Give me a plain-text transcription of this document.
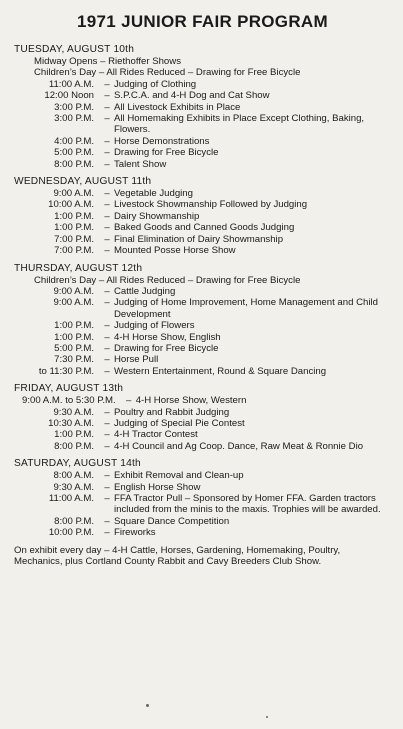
1971 JUNIOR FAIR PROGRAM
TUESDAY, AUGUST 10th
Midway Opens – Riethoffer Shows
Children’s Day – All Rides Reduced – Drawing for Free Bicycle
11:00 A.M.	– Judging of Clothing
12:00 Noon	– S.P.C.A. and 4-H Dog and Cat Show
3:00 P.M.	– All Livestock Exhibits in Place
3:00 P.M.	– All Homemaking Exhibits in Place Except Clothing, Baking, Flowers.
4:00 P.M.	– Horse Demonstrations
5:00 P.M.	– Drawing for Free Bicycle
8:00 P.M.	– Talent Show
WEDNESDAY, AUGUST 11th
9:00 A.M.	– Vegetable Judging
10:00 A.M.	– Livestock Showmanship Followed by Judging
1:00 P.M.	– Dairy Showmanship
1:00 P.M.	– Baked Goods and Canned Goods Judging
7:00 P.M.	– Final Elimination of Dairy Showmanship
7:00 P.M.	– Mounted Posse Horse Show
THURSDAY, AUGUST 12th
Children’s Day – All Rides Reduced – Drawing for Free Bicycle
9:00 A.M.	– Cattle Judging
9:00 A.M.	– Judging of Home Improvement, Home Management and Child Development
1:00 P.M.	– Judging of Flowers
1:00 P.M.	– 4-H Horse Show, English
5:00 P.M.	– Drawing for Free Bicycle
7:30 P.M.	– Horse Pull
to 11:30 P.M.	– Western Entertainment, Round & Square Dancing
FRIDAY, AUGUST 13th
9:00 A.M. to 5:30 P.M.	– 4-H Horse Show, Western
9:30 A.M.	– Poultry and Rabbit Judging
10:30 A.M.	– Judging of Special Pie Contest
1:00 P.M.	– 4-H Tractor Contest
8:00 P.M.	– 4-H Council and Ag Coop. Dance, Raw Meat & Ronnie Dio
SATURDAY, AUGUST 14th
8:00 A.M.	– Exhibit Removal and Clean-up
9:30 A.M.	– English Horse Show
11:00 A.M.	– FFA Tractor Pull – Sponsored by Homer FFA. Garden tractors included from the minis to the maxis. Trophies will be awarded.
8:00 P.M.	– Square Dance Competition
10:00 P.M.	– Fireworks
On exhibit every day – 4-H Cattle, Horses, Gardening, Homemaking, Poultry, Mechanics, plus Cortland County Rabbit and Cavy Breeders Club Show.
